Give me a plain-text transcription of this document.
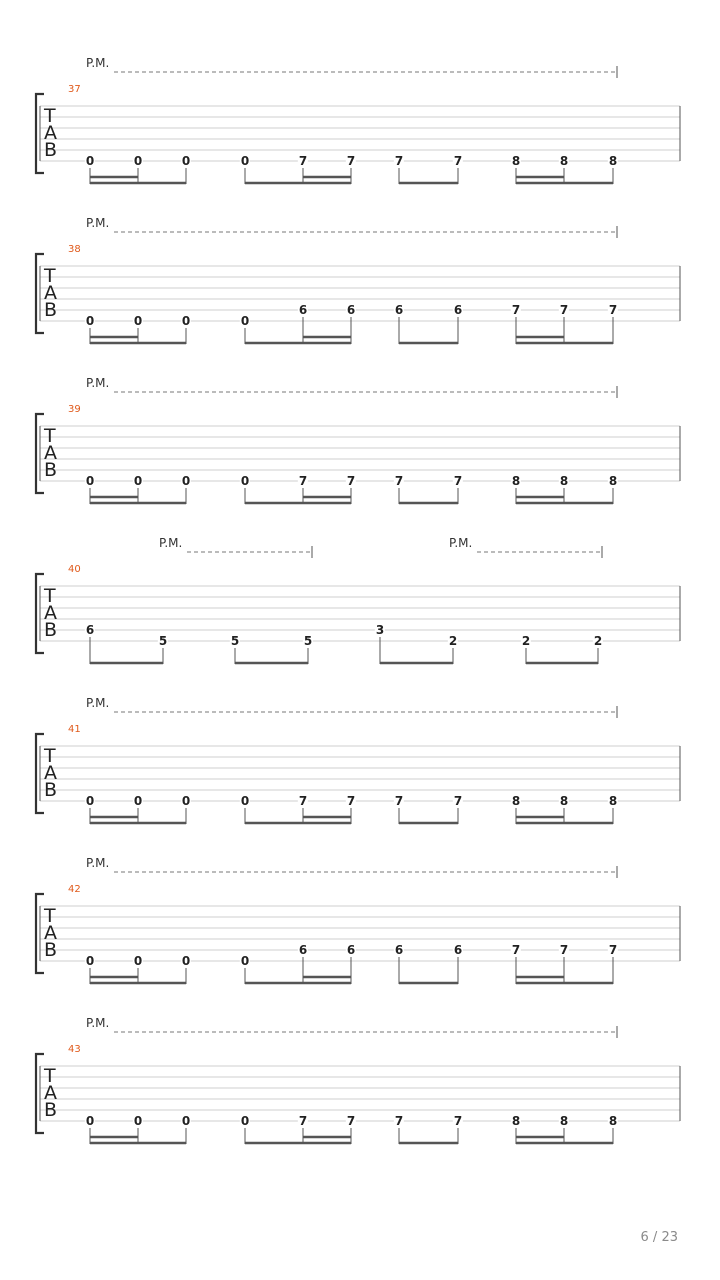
P.M.
37
T
A
B 0	0	0	0	7	7	7	7	8	8	8
P.M.
38
T
A
B 0	0	0	0
6	6	6	6	7	7	7
P.M.
39
T
A
B 0	0	0	0	7	7	7	7	8	8	8
P.M.	P.M.
40
T
A
B 6
5	5	5
3
2	2	2
P.M.
41
T
A
B 0	0	0	0	7	7	7	7	8	8	8
P.M.
42
T
A
B 0	0	0	0
6	6	6	6	7	7	7
P.M.
43
T
A
B 0	0	0	0	7	7	7	7	8	8	8
6 / 23
